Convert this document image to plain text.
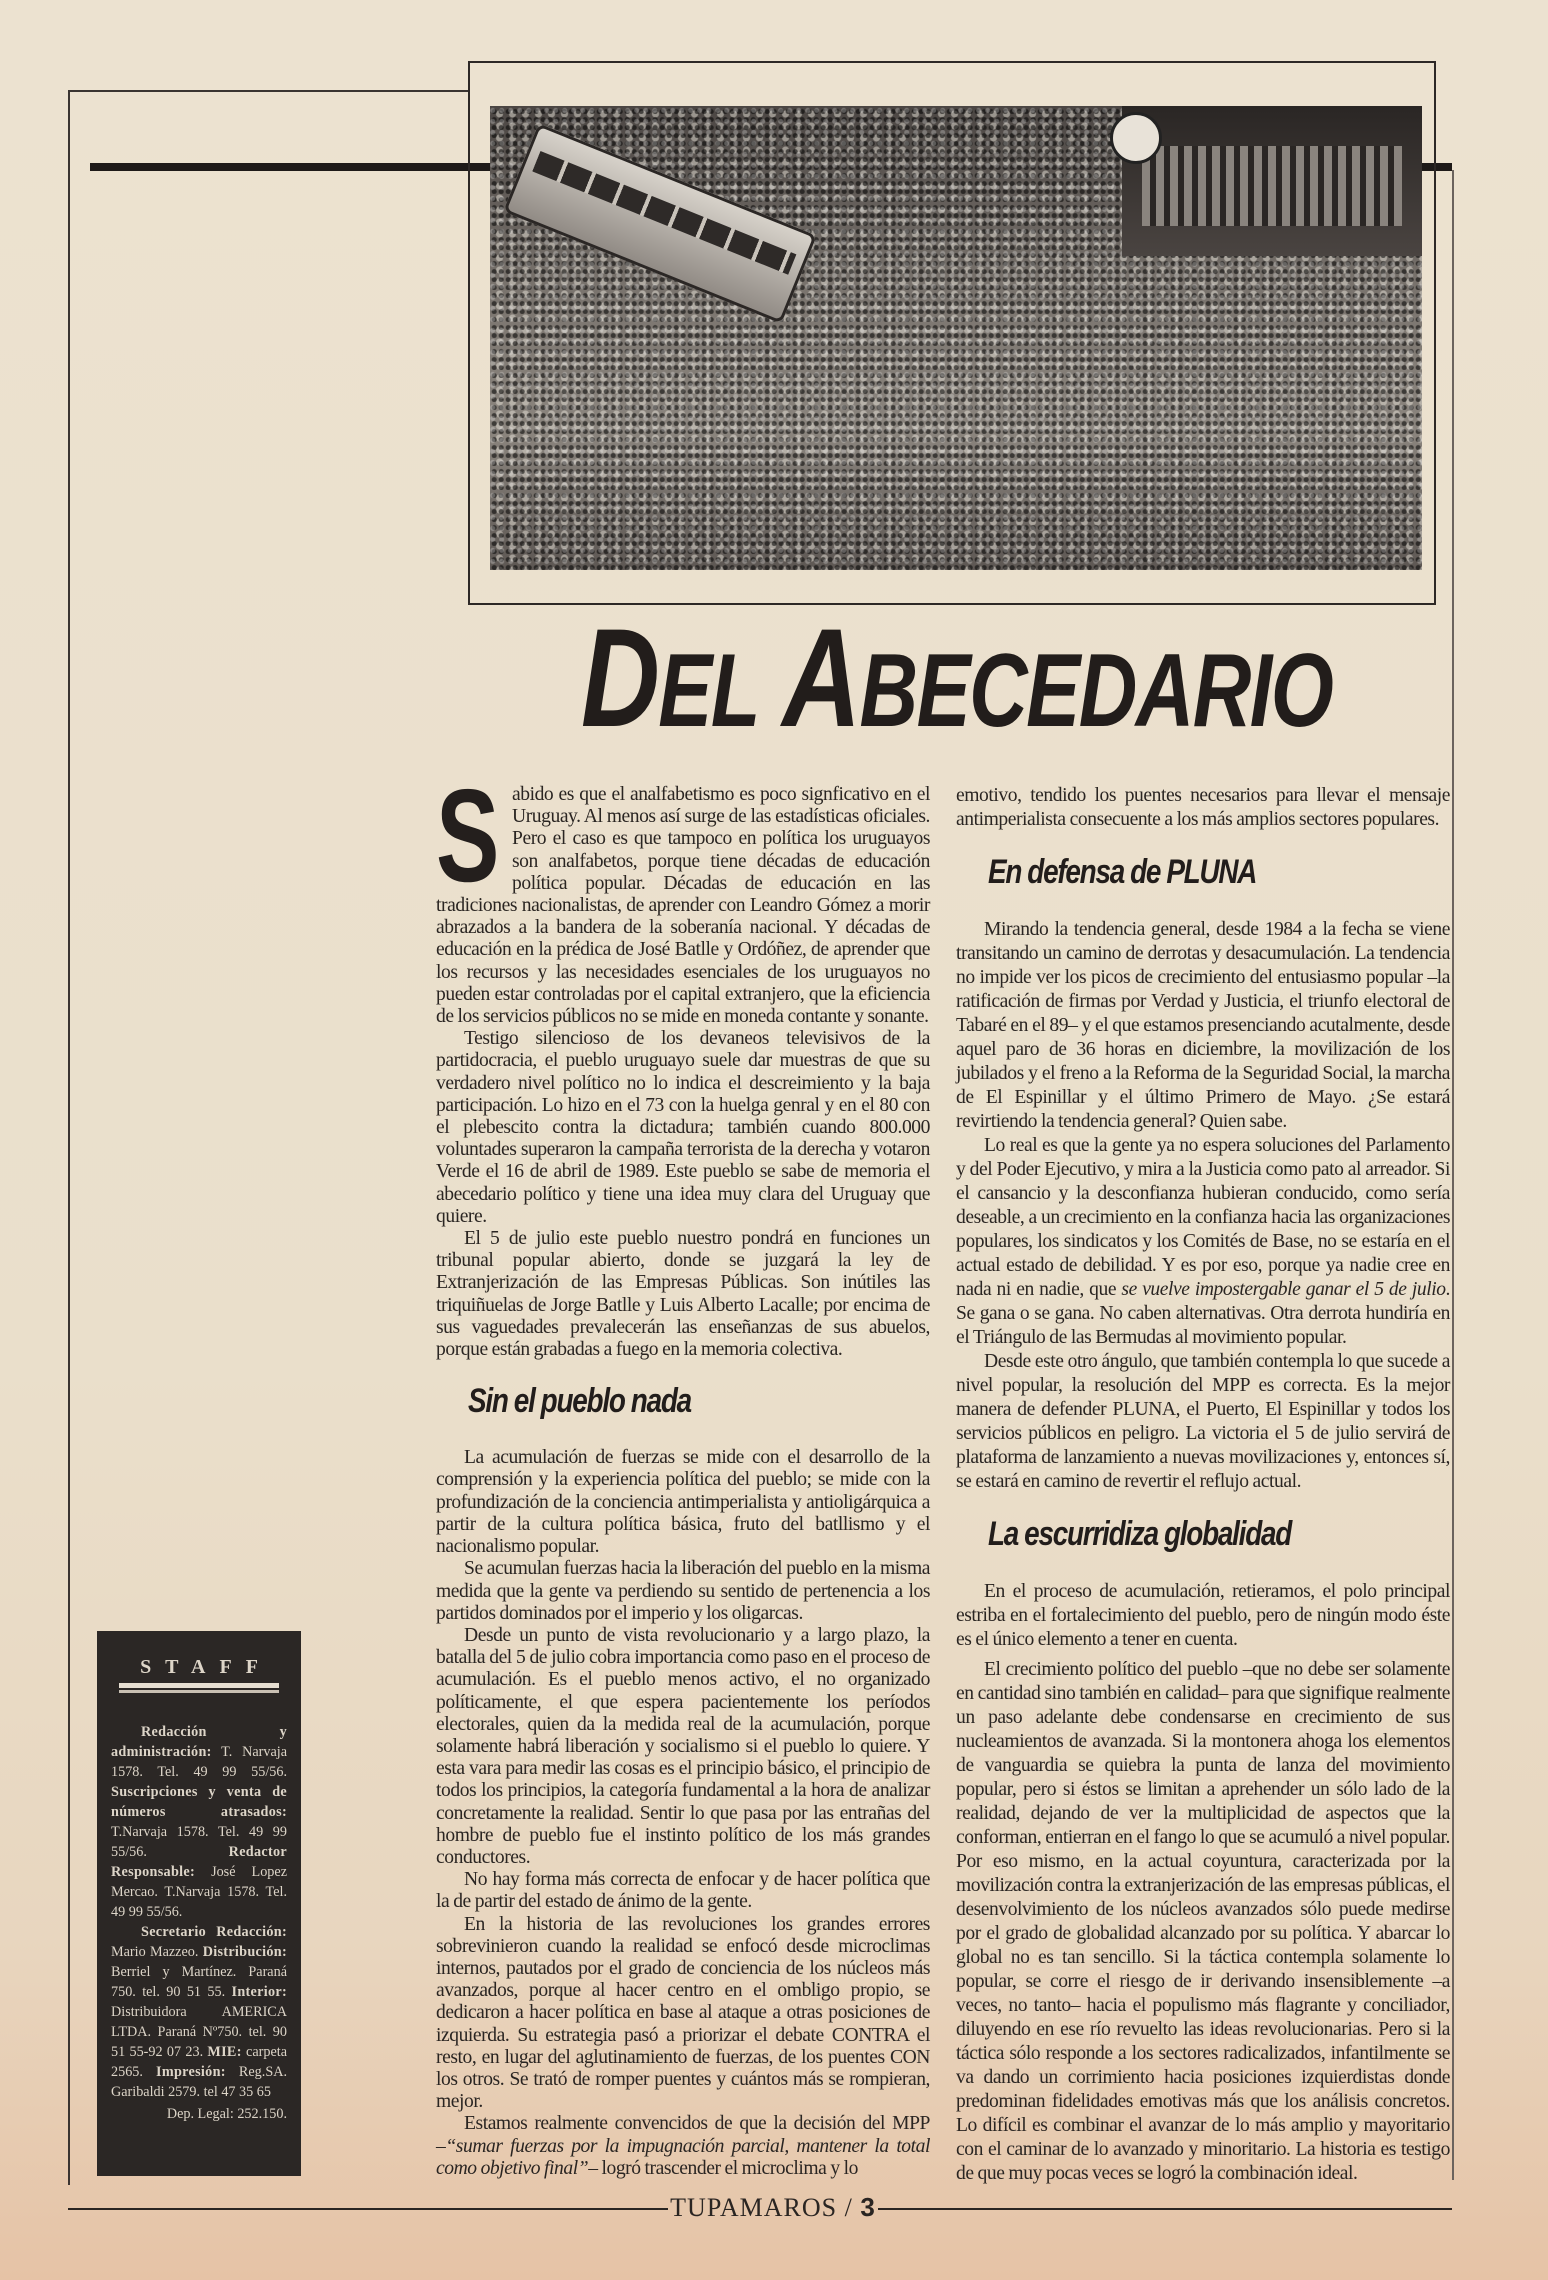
DEL ABECEDARIO
S abido es que el analfabetismo es poco signficativo en el Uruguay. Al menos así surge de las estadísticas oficiales. Pero el caso es que tampoco en política los uruguayos son analfabetos, porque tiene décadas de educación política popular. Décadas de educación en las tradiciones nacionalistas, de aprender con Leandro Gómez a morir abrazados a la bandera de la soberanía nacional. Y décadas de educación en la prédica de José Batlle y Ordóñez, de aprender que los recursos y las necesidades esenciales de los uruguayos no pueden estar controladas por el capital extranjero, que la eficiencia de los servicios públicos no se mide en moneda contante y sonante.

Testigo silencioso de los devaneos televisivos de la partidocracia, el pueblo uruguayo suele dar muestras de que su verdadero nivel político no lo indica el descreimiento y la baja participación. Lo hizo en el 73 con la huelga genral y en el 80 con el plebescito contra la dictadura; también cuando 800.000 voluntades superaron la campaña terrorista de la derecha y votaron Verde el 16 de abril de 1989. Este pueblo se sabe de memoria el abecedario político y tiene una idea muy clara del Uruguay que quiere.

El 5 de julio este pueblo nuestro pondrá en funciones un tribunal popular abierto, donde se juzgará la ley de Extranjerización de las Empresas Públicas. Son inútiles las triquiñuelas de Jorge Batlle y Luis Alberto Lacalle; por encima de sus vaguedades prevalecerán las enseñanzas de sus abuelos, porque están grabadas a fuego en la memoria colectiva.

Sin el pueblo nada

La acumulación de fuerzas se mide con el desarrollo de la comprensión y la experiencia política del pueblo; se mide con la profundización de la conciencia antimperialista y antioligárquica a partir de la cultura política básica, fruto del batllismo y el nacionalismo popular.

Se acumulan fuerzas hacia la liberación del pueblo en la misma medida que la gente va perdiendo su sentido de pertenencia a los partidos dominados por el imperio y los oligarcas.

Desde un punto de vista revolucionario y a largo plazo, la batalla del 5 de julio cobra importancia como paso en el proceso de acumulación. Es el pueblo menos activo, el no organizado políticamente, el que espera pacientemente los períodos electorales, quien da la medida real de la acumulación, porque solamente habrá liberación y socialismo si el pueblo lo quiere. Y esta vara para medir las cosas es el principio básico, el principio de todos los principios, la categoría fundamental a la hora de analizar concretamente la realidad. Sentir lo que pasa por las entrañas del hombre de pueblo fue el instinto político de los más grandes conductores.

No hay forma más correcta de enfocar y de hacer política que la de partir del estado de ánimo de la gente.

En la historia de las revoluciones los grandes errores sobrevinieron cuando la realidad se enfocó desde microclimas internos, pautados por el grado de conciencia de los núcleos más avanzados, porque al hacer centro en el ombligo propio, se dedicaron a hacer política en base al ataque a otras posiciones de izquierda. Su estrategia pasó a priorizar el debate CONTRA el resto, en lugar del aglutinamiento de fuerzas, de los puentes CON los otros. Se trató de romper puentes y cuántos más se rompieran, mejor.

Estamos realmente convencidos de que la decisión del MPP –“sumar fuerzas por la impugnación parcial, mantener la total como objetivo final”– logró trascender el microclima y lo

emotivo, tendido los puentes necesarios para llevar el mensaje antimperialista consecuente a los más amplios sectores populares.

En defensa de PLUNA

Mirando la tendencia general, desde 1984 a la fecha se viene transitando un camino de derrotas y desacumulación. La tendencia no impide ver los picos de crecimiento del entusiasmo popular –la ratificación de firmas por Verdad y Justicia, el triunfo electoral de Tabaré en el 89– y el que estamos presenciando acutalmente, desde aquel paro de 36 horas en diciembre, la movilización de los jubilados y el freno a la Reforma de la Seguridad Social, la marcha de El Espinillar y el último Primero de Mayo. ¿Se estará revirtiendo la tendencia general? Quien sabe.

Lo real es que la gente ya no espera soluciones del Parlamento y del Poder Ejecutivo, y mira a la Justicia como pato al arreador. Si el cansancio y la desconfianza hubieran conducido, como sería deseable, a un crecimiento en la confianza hacia las organizaciones populares, los sindicatos y los Comités de Base, no se estaría en el actual estado de debilidad. Y es por eso, porque ya nadie cree en nada ni en nadie, que se vuelve impostergable ganar el 5 de julio. Se gana o se gana. No caben alternativas. Otra derrota hundiría en el Triángulo de las Bermudas al movimiento popular.

Desde este otro ángulo, que también contempla lo que sucede a nivel popular, la resolución del MPP es correcta. Es la mejor manera de defender PLUNA, el Puerto, El Espinillar y todos los servicios públicos en peligro. La victoria el 5 de julio servirá de plataforma de lanzamiento a nuevas movilizaciones y, entonces sí, se estará en camino de revertir el reflujo actual.

La escurridiza globalidad

En el proceso de acumulación, retieramos, el polo principal estriba en el fortalecimiento del pueblo, pero de ningún modo éste es el único elemento a tener en cuenta.

El crecimiento político del pueblo –que no debe ser solamente en cantidad sino también en calidad– para que signifique realmente un paso adelante debe condensarse en crecimiento de sus nucleamientos de avanzada. Si la montonera ahoga los elementos de vanguardia se quiebra la punta de lanza del movimiento popular, pero si éstos se limitan a aprehender un sólo lado de la realidad, dejando de ver la multiplicidad de aspectos que la conforman, entierran en el fango lo que se acumuló a nivel popular. Por eso mismo, en la actual coyuntura, caracterizada por la movilización contra la extranjerización de las empresas públicas, el desenvolvimiento de los núcleos avanzados sólo puede medirse por el grado de globalidad alcanzado por su política. Y abarcar lo global no es tan sencillo. Si la táctica contempla solamente lo popular, se corre el riesgo de ir derivando insensiblemente –a veces, no tanto– hacia el populismo más flagrante y conciliador, diluyendo en ese río revuelto las ideas revolucionarias. Pero si la táctica sólo responde a los sectores radicalizados, infantilmente se va dando un corrimiento hacia posiciones izquierdistas donde predominan fidelidades emotivas más que los análisis concretos. Lo difícil es combinar el avanzar de lo más amplio y mayoritario con el caminar de lo avanzado y minoritario. La historia es testigo de que muy pocas veces se logró la combinación ideal.

STAFF

Redacción y administración: T. Narvaja 1578. Tel. 49 99 55/56. Suscripciones y venta de números atrasados: T.Narvaja 1578. Tel. 49 99 55/56. Redactor Responsable: José Lopez Mercao. T.Narvaja 1578. Tel. 49 99 55/56.

Secretario Redacción: Mario Mazzeo. Distribución: Berriel y Martínez. Paraná 750. tel. 90 51 55. Interior: Distribuidora AMERICA LTDA. Paraná Nº750. tel. 90 51 55-92 07 23. MIE: carpeta 2565. Impresión: Reg.SA. Garibaldi 2579. tel 47 35 65

Dep. Legal: 252.150.

TUPAMAROS / 3
